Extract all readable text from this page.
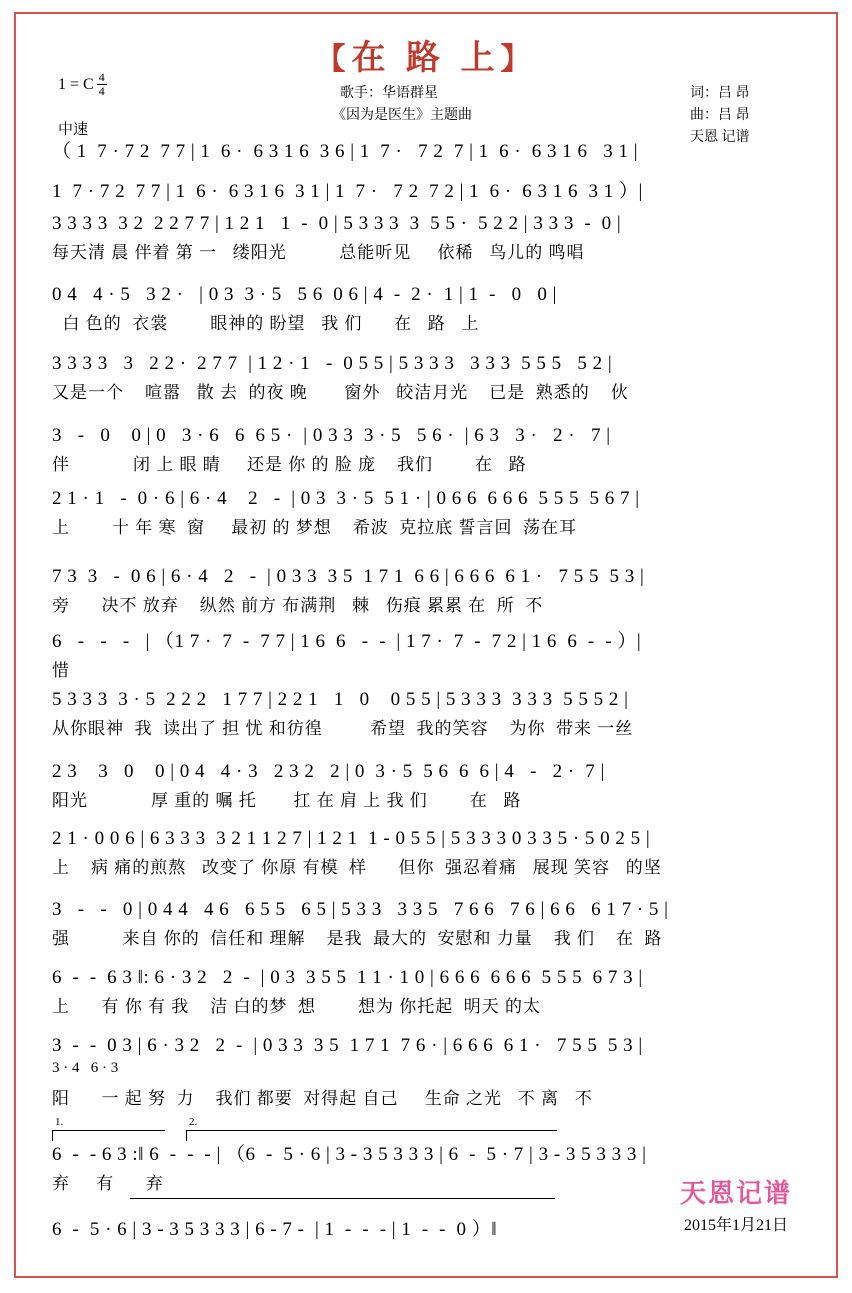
【在 路 上】
1 = C $\frac{4}{4}$
中速
歌手：华语群星
《因为是医生》主题曲
词：吕 昂
曲：吕 昂
天恩 记谱
（ 1  7 · 7 2  7 7 | 1  6 ·  6 3 1 6  3 6 | 1  7 ·   7 2  7 | 1  6 ·  6 3 1 6   3 1 |
1  7 · 7 2  7 7 | 1  6 ·  6 3 1 6  3 1 | 1  7 ·   7 2  7 2 | 1  6 ·  6 3 1 6  3 1 ）|
3 3 3 3  3 2  2 2 7 7 | 1 2 1   1  -  0 | 5 3 3 3  3  5 5 ·  5 2 2 | 3 3 3  -  0 |
每天清 晨 伴着 第 一   缕阳光          总能听见     依稀   鸟儿的 鸣唱
0 4   4 · 5   3 2 ·   | 0 3  3 · 5   5 6  0 6 | 4  -  2 ·  1 | 1  -   0   0 |
白 色的  衣裳        眼神的 盼望   我 们      在   路   上
3 3 3 3   3   2 2 ·  2 7 7  | 1 2 · 1   -  0 5 5 | 5 3 3 3   3 3 3  5 5 5   5 2 |
又是一个    喧嚣   散 去  的夜 晚       窗外   皎洁月光    已是  熟悉的    伙
3   -   0    0 | 0   3 · 6   6  6 5 ·  | 0 3 3  3 · 5   5 6 ·  | 6 3   3 ·   2 ·   7 |
伴            闭 上 眼 睛     还是 你 的 脸 庞    我们        在   路
2 1 · 1   -  0 · 6 | 6 · 4    2   -  | 0 3  3 · 5  5 1 · | 0 6 6  6 6 6  5 5 5  5 6 7 |
上        十 年 寒  窗     最初 的 梦想    希波  克拉底 誓言回  荡在耳
7 3  3   -  0 6 | 6 · 4   2   -  | 0 3 3  3 5  1 7 1  6 6 | 6 6 6  6 1 ·   7 5 5  5 3 |
旁      决不 放弃    纵然 前方 布满荆   棘   伤痕 累累 在  所  不
6   -   -   -   | （1 7 ·  7  -  7 7 | 1 6  6   -  -  | 1 7 ·  7  -  7 2 | 1 6  6  -  - ）|
惜
5 3 3 3  3 · 5  2 2 2   1 7 7 | 2 2 1   1   0    0 5 5 | 5 3 3 3  3 3 3  5 5 5 2 |
从你眼神  我  读出了 担 忧 和彷徨         希望  我的笑容    为你  带来 一丝
2 3    3   0    0 | 0 4   4 · 3   2 3 2   2 | 0  3 · 5  5 6  6  6 | 4   -   2 ·  7 |
阳光            厚 重的 嘱 托       扛 在 肩 上 我 们        在   路
2 1 · 0 0 6 | 6 3 3 3  3 2 1 1 2 7 | 1 2 1  1 - 0 5 5 | 5 3 3 3 0 3 3 5 · 5 0 2 5 |
上    病 痛的煎熬   改变了 你原 有模  样      但你  强忍着痛   展现 笑容   的坚
3   -   -   0 | 0 4 4   4 6   6 5 5   6 5 | 5 3 3   3 3 5   7 6 6   7 6 | 6 6   6 1 7 · 5 |
强          来自 你的  信任和 理解    是我  最大的  安慰和 力量    我 们    在  路
6  -  -  6 3 ‖: 6 · 3 2   2  -  | 0 3  3 5 5  1 1 · 1 0 | 6 6 6  6 6 6  5 5 5  6 7 3 |
上      有 你 有 我    洁 白的梦  想        想为 你托起  明天 的太
3  -  -  0 3 | 6 · 3 2   2  -  | 0 3 3  3 5  1 7 1  7 6 · | 6 6 6  6 1 ·   7 5 5  5 3 |
3 · 4   6 · 3
阳      一 起 努  力    我们 都要  对得起 自己     生命 之光   不 离   不
1.	2.
6  -  - 6 3 :‖ 6  -  -  - | （6  -  5 · 6 | 3 - 3 5 3 3 3 | 6  -  5 · 7 | 3 - 3 5 3 3 3 |
弃     有      弃
6  -  5 · 6 | 3 - 3 5 3 3 3 | 6 - 7 -  | 1  -  -  - | 1  -  -  0 ）‖
天恩记谱
2015年1月21日
